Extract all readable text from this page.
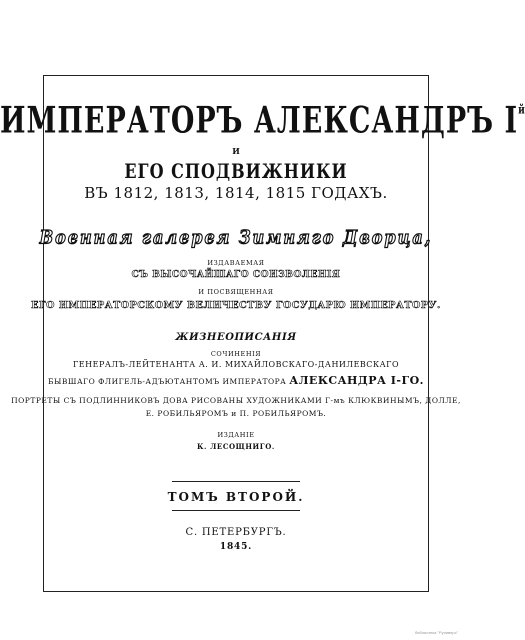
ИМПЕРАТОРЪ АЛЕКСАНДРЪ $I^й$
И
ЕГО СПОДВИЖНИКИ
ВЪ 1812, 1813, 1814, 1815 ГОДАХЪ.
Военная галерея Зимняго Дворца,
ИЗДАВАЕМАЯ
СЪ ВЫСОЧАЙШАГО СОИЗВОЛЕНІЯ
И ПОСВЯЩЕННАЯ
ЕГО ИМПЕРАТОРСКОМУ ВЕЛИЧЕСТВУ ГОСУДАРЮ ИМПЕРАТОРУ.
ЖИЗНЕОПИСАНІЯ
СОЧИНЕНІЯ
ГЕНЕРАЛЪ-ЛЕЙТЕНАНТА А. И. МИХАЙЛОВСКАГО-ДАНИЛЕВСКАГО
БЫВШАГО ФЛИГЕЛЬ-АДЪЮТАНТОМЪ ИМПЕРАТОРА АЛЕКСАНДРА I-ГО.
ПОРТРЕТЫ СЪ ПОДЛИННИКОВЪ ДОВА РИСОВАНЫ ХУДОЖНИКАМИ Г-мъ КЛЮКВИНЫМЪ, ДОЛЛЕ,
Е. РОБИЛЬЯРОМЪ и П. РОБИЛЬЯРОМЪ.
ИЗДАНІЕ
К. ЛЕСОЩНИГО.
ТОМЪ ВТОРОЙ.
С. ПЕТЕРБУРГЪ.
1845.
библиотека "Руниверс"
